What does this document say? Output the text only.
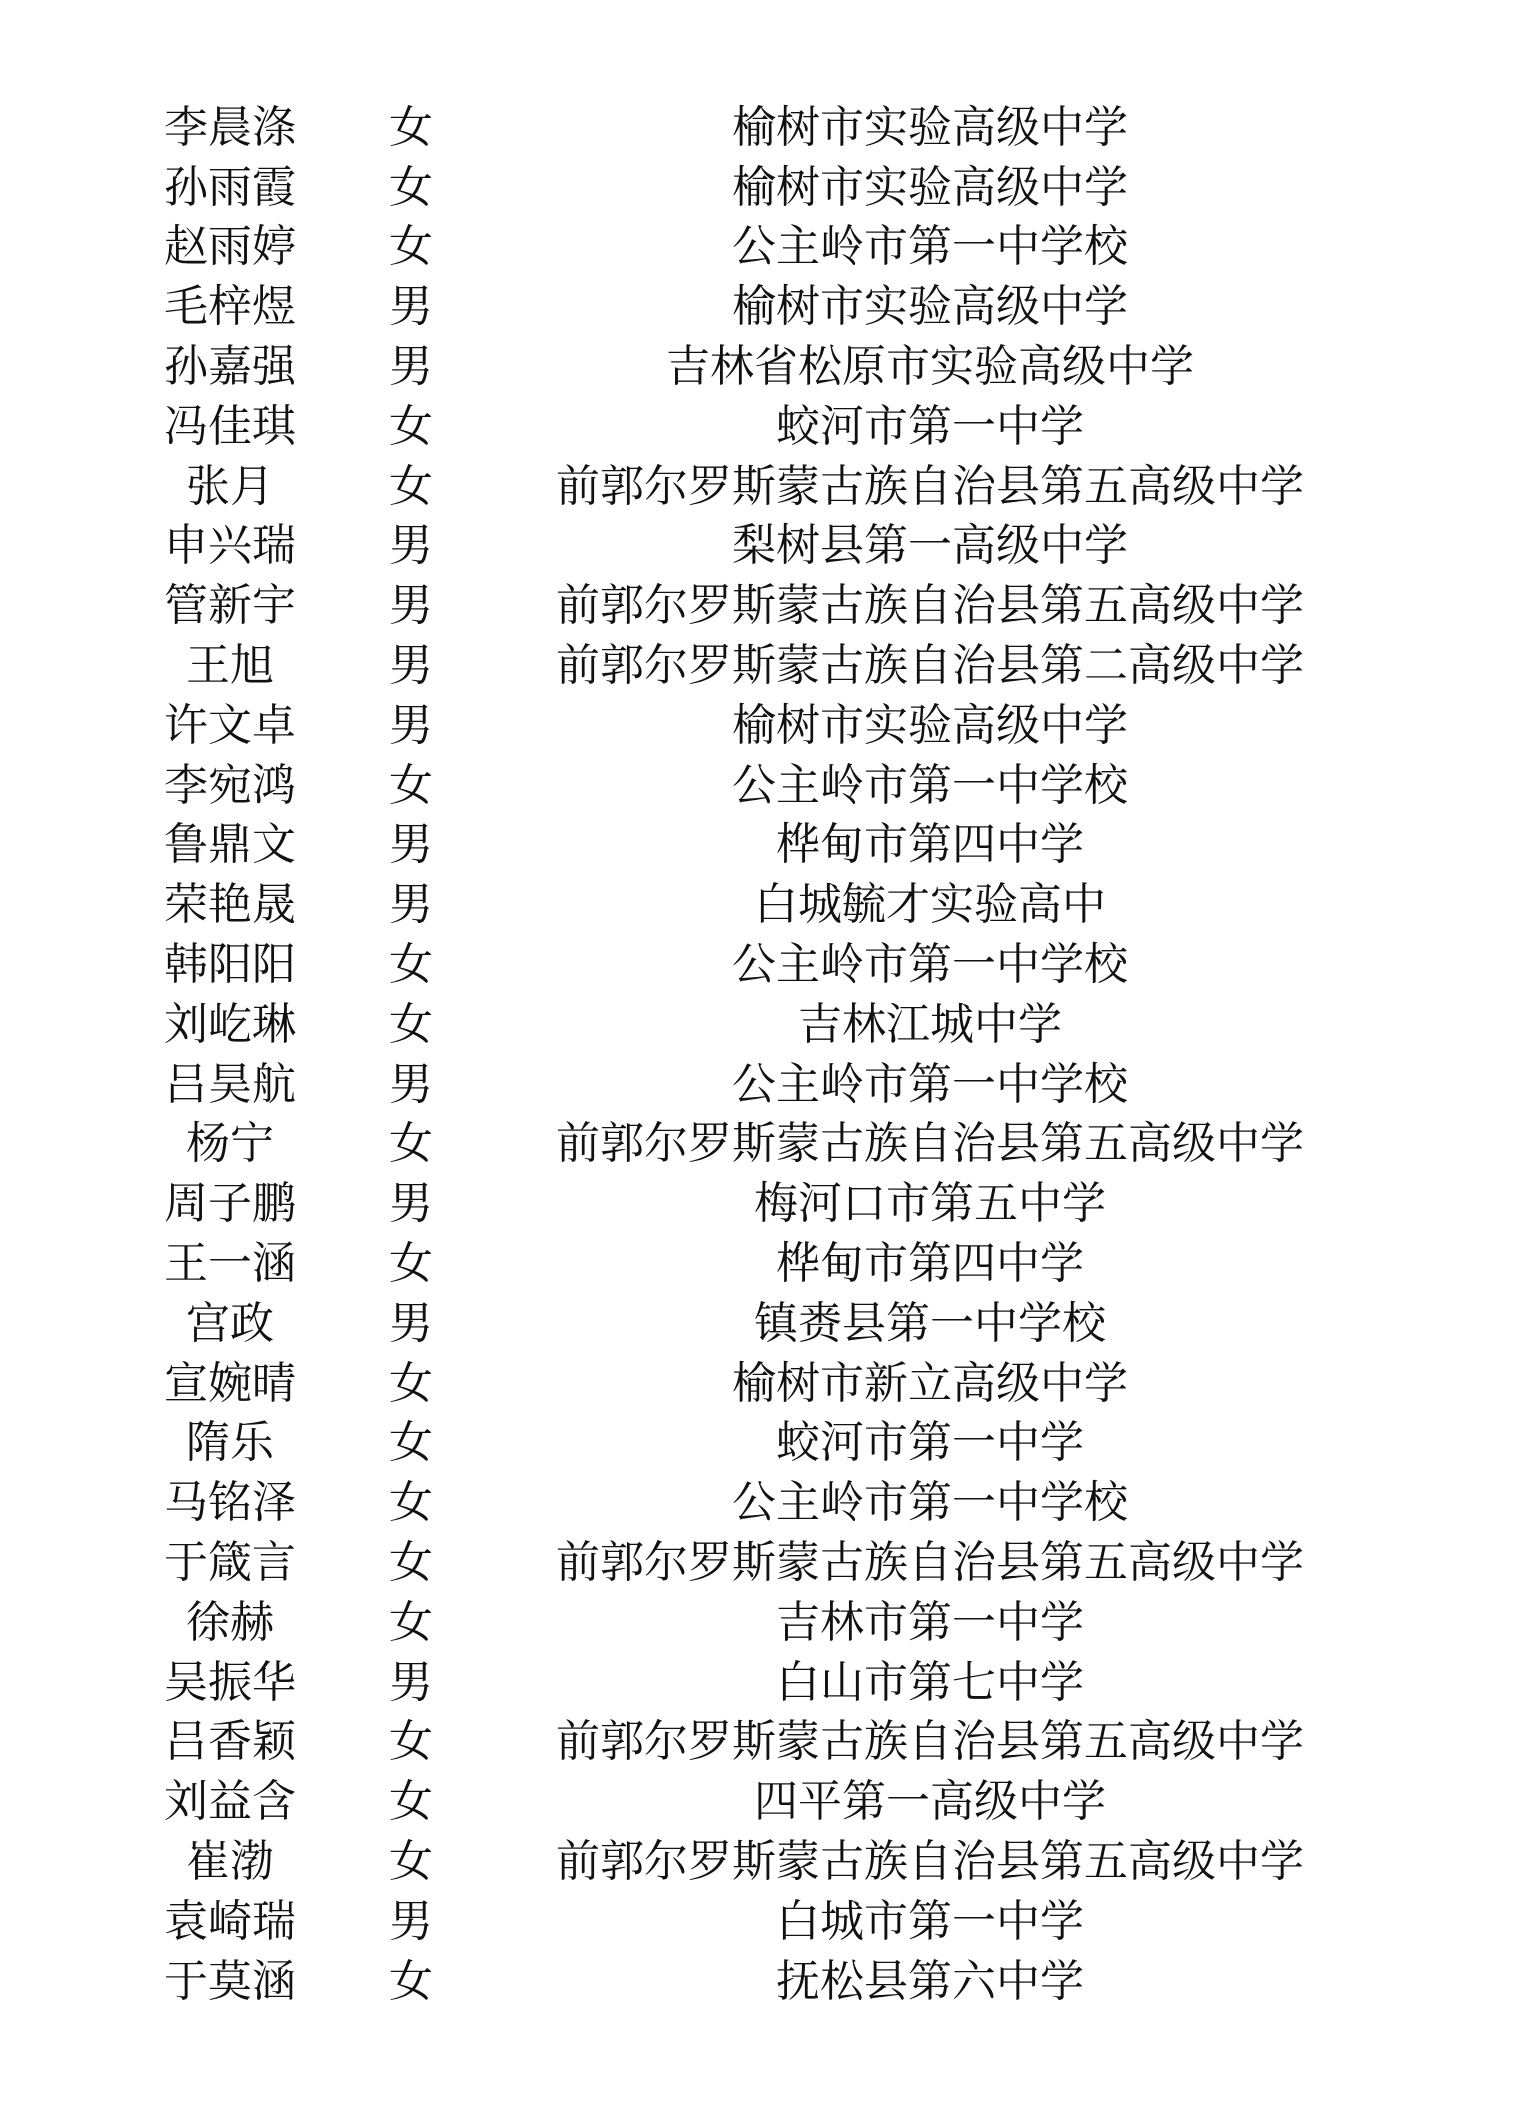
李晨涤	女	榆树市实验高级中学
孙雨霞	女	榆树市实验高级中学
赵雨婷	女	公主岭市第一中学校
毛梓煜	男	榆树市实验高级中学
孙嘉强	男	吉林省松原市实验高级中学
冯佳琪	女	蛟河市第一中学
张月	女	前郭尔罗斯蒙古族自治县第五高级中学
申兴瑞	男	梨树县第一高级中学
管新宇	男	前郭尔罗斯蒙古族自治县第五高级中学
王旭	男	前郭尔罗斯蒙古族自治县第二高级中学
许文卓	男	榆树市实验高级中学
李宛鸿	女	公主岭市第一中学校
鲁鼎文	男	桦甸市第四中学
荣艳晟	男	白城毓才实验高中
韩阳阳	女	公主岭市第一中学校
刘屹琳	女	吉林江城中学
吕昊航	男	公主岭市第一中学校
杨宁	女	前郭尔罗斯蒙古族自治县第五高级中学
周子鹏	男	梅河口市第五中学
王一涵	女	桦甸市第四中学
宫政	男	镇赉县第一中学校
宣婉晴	女	榆树市新立高级中学
隋乐	女	蛟河市第一中学
马铭泽	女	公主岭市第一中学校
于箴言	女	前郭尔罗斯蒙古族自治县第五高级中学
徐赫	女	吉林市第一中学
吴振华	男	白山市第七中学
吕香颖	女	前郭尔罗斯蒙古族自治县第五高级中学
刘益含	女	四平第一高级中学
崔渤	女	前郭尔罗斯蒙古族自治县第五高级中学
袁崎瑞	男	白城市第一中学
于莫涵	女	抚松县第六中学
